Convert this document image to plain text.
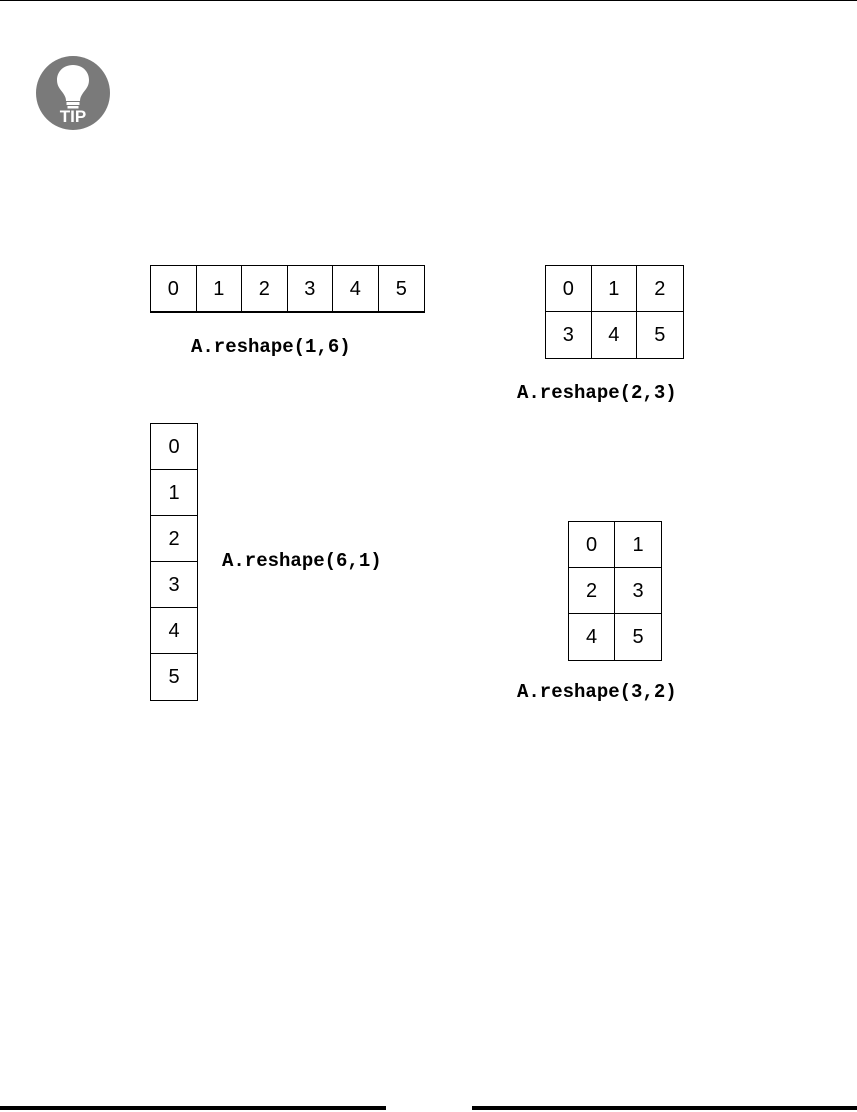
TIP
0	1	2	3	4	5
A.reshape(1,6)
0	1	2
3	4	5
A.reshape(2,3)
0
1
2
3
4
5
A.reshape(6,1)
0	1
2	3
4	5
A.reshape(3,2)
